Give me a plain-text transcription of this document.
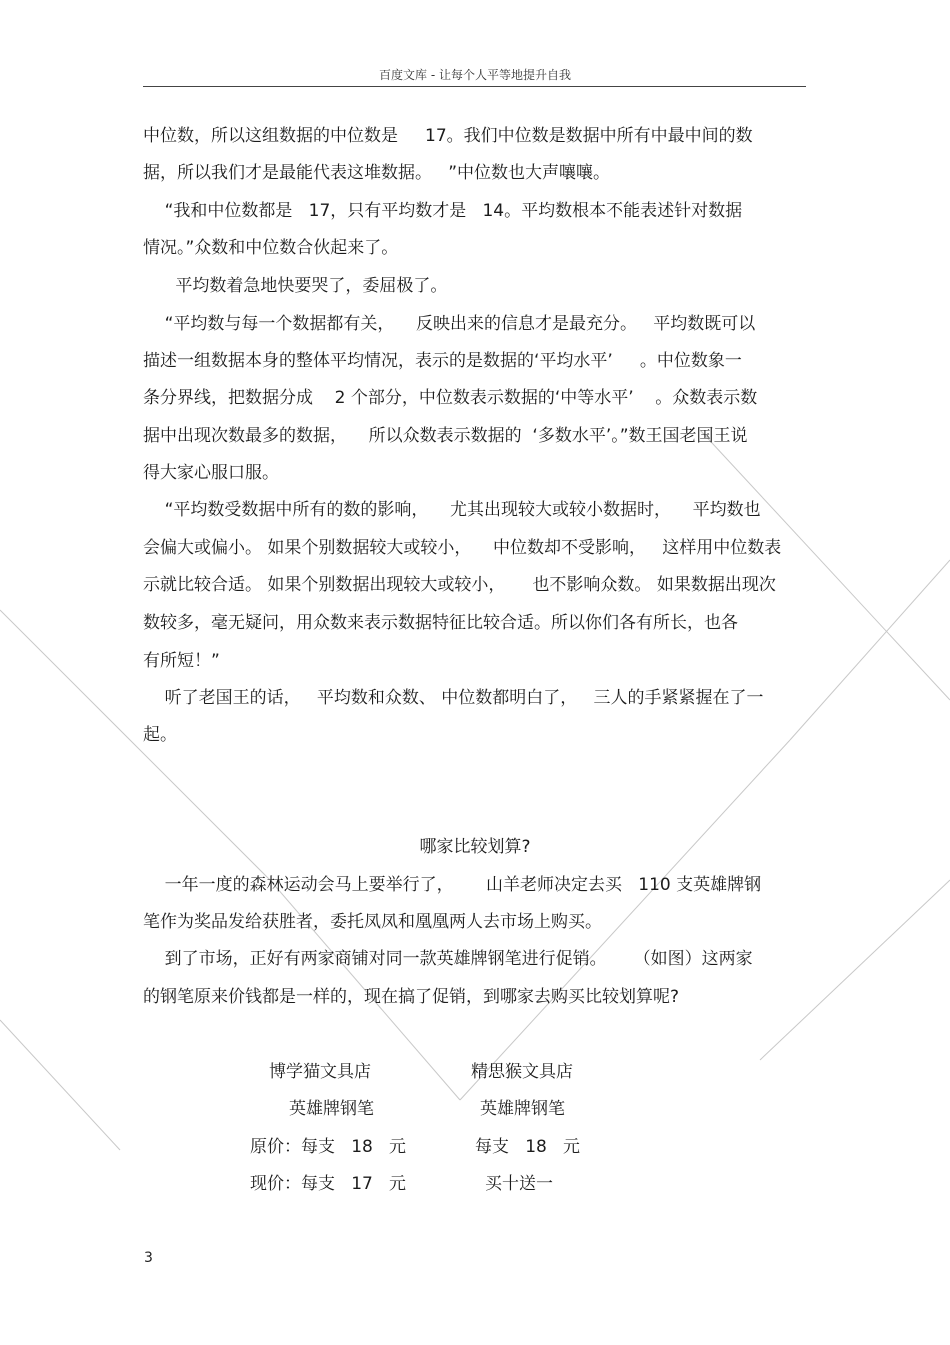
百度文库 - 让每个人平等地提升自我
中位数，所以这组数据的中位数是     17。我们中位数是数据中所有中最中间的数
据，所以我们才是最能代表这堆数据。   ”中位数也大声嚷嚷。
“我和中位数都是   17，只有平均数才是   14。平均数根本不能表述针对数据
情况。”众数和中位数合伙起来了。
平均数着急地快要哭了，委屈极了。
“平均数与每一个数据都有关，    反映出来的信息才是最充分。   平均数既可以
描述一组数据本身的整体平均情况，表示的是数据的‘平均水平’     。中位数象一
条分界线，把数据分成    2 个部分，中位数表示数据的‘中等水平’    。众数表示数
据中出现次数最多的数据，    所以众数表示数据的  ‘多数水平’。”数王国老国王说
得大家心服口服。
“平均数受数据中所有的数的影响，    尤其出现较大或较小数据时，    平均数也
会偏大或偏小。 如果个别数据较大或较小，    中位数却不受影响，   这样用中位数表
示就比较合适。 如果个别数据出现较大或较小，     也不影响众数。 如果数据出现次
数较多，毫无疑问，用众数来表示数据特征比较合适。所以你们各有所长，也各
有所短！”
听了老国王的话，   平均数和众数、 中位数都明白了，   三人的手紧紧握在了一
起。
哪家比较划算?
一年一度的森林运动会马上要举行了，      山羊老师决定去买   110 支英雄牌钢
笔作为奖品发给获胜者，委托凤凤和凰凰两人去市场上购买。
到了市场，正好有两家商铺对同一款英雄牌钢笔进行促销。     （如图）这两家
的钢笔原来价钱都是一样的，现在搞了促销，到哪家去购买比较划算呢?
博学猫文具店
英雄牌钢笔
原价：每支   18   元
现价：每支   17   元
精思猴文具店
英雄牌钢笔
每支   18   元
买十送一
3
